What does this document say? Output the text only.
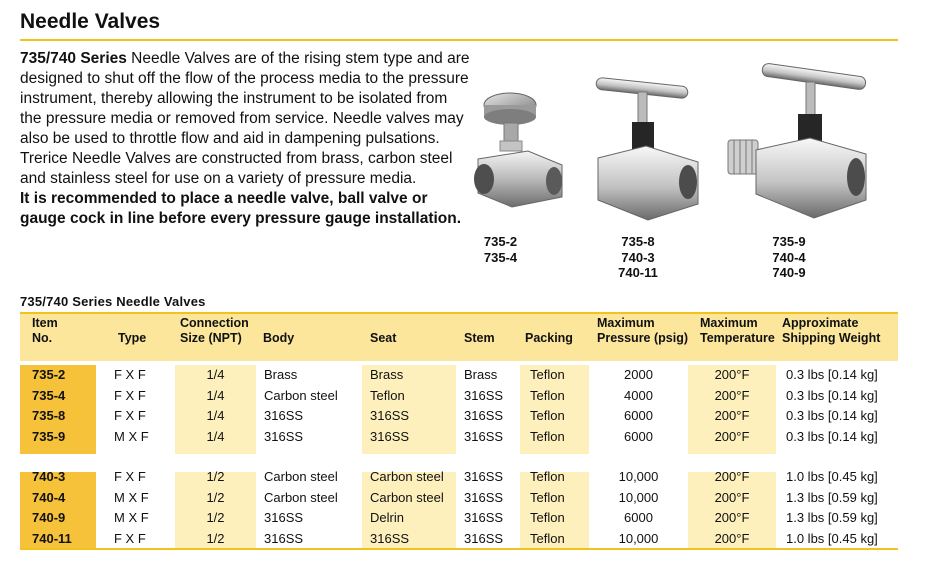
Needle Valves
735/740 Series Needle Valves are of the rising stem type and are designed to shut off the flow of the process media to the pressure instrument, thereby allowing the instrument to be isolated from the pressure media or removed from service. Needle valves may also be used to throttle flow and aid in dampening pulsations. Trerice Needle Valves are constructed from brass, carbon steel and stainless steel for use on a variety of pressure media.
It is recommended to place a needle valve, ball valve or gauge cock in line before every pressure gauge installation.
735-2
735-4
735-8
740-3
740-11
735-9
740-4
740-9
735/740 Series Needle Valves
Item
No.
	Type
Connection
Size (NPT)
	Body
	Seat
	Stem
	Packing
Maximum
Pressure (psig)
Maximum
Temperature
Approximate
Shipping Weight
735-2	F X F	1/4	Brass	Brass	Brass	Teflon	2000	200°F	0.3 lbs [0.14 kg]
735-4	F X F	1/4	Carbon steel	Teflon	316SS	Teflon	4000	200°F	0.3 lbs [0.14 kg]
735-8	F X F	1/4	316SS	316SS	316SS	Teflon	6000	200°F	0.3 lbs [0.14 kg]
735-9	M X F	1/4	316SS	316SS	316SS	Teflon	6000	200°F	0.3 lbs [0.14 kg]
740-3	F X F	1/2	Carbon steel	Carbon steel	316SS	Teflon	10,000	200°F	1.0 lbs [0.45 kg]
740-4	M X F	1/2	Carbon steel	Carbon steel	316SS	Teflon	10,000	200°F	1.3 lbs [0.59 kg]
740-9	M X F	1/2	316SS	Delrin	316SS	Teflon	6000	200°F	1.3 lbs [0.59 kg]
740-11	F X F	1/2	316SS	316SS	316SS	Teflon	10,000	200°F	1.0 lbs [0.45 kg]
